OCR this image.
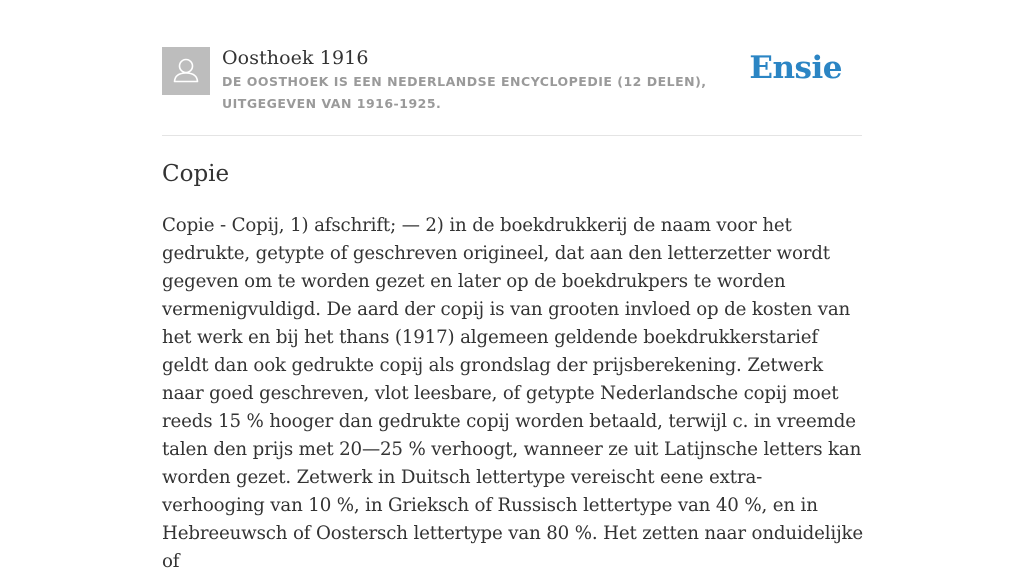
Oosthoek 1916
DE OOSTHOEK IS EEN NEDERLANDSE ENCYCLOPEDIE (12 DELEN), UITGEGEVEN VAN 1916-1925.
Ensie
Copie

Copie - Copij, 1) afschrift; — 2) in de boekdrukkerij de naam voor het gedrukte, getypte of geschreven origineel, dat aan den letterzetter wordt gegeven om te worden gezet en later op de boekdrukpers te worden vermenigvuldigd. De aard der copij is van grooten invloed op de kosten van het werk en bij het thans (1917) algemeen geldende boekdrukkerstarief geldt dan ook gedrukte copij als grondslag der prijsberekening. Zetwerk naar goed geschreven, vlot leesbare, of getypte Nederlandsche copij moet reeds 15 % hooger dan gedrukte copij worden betaald, terwijl c. in vreemde talen den prijs met 20—25 % verhoogt, wanneer ze uit Latijnsche letters kan worden gezet. Zetwerk in Duitsch lettertype vereischt eene extra-verhooging van 10 %, in Grieksch of Russisch lettertype van 40 %, en in Hebreeuwsch of Oostersch lettertype van 80 %. Het zetten naar onduidelijke of
